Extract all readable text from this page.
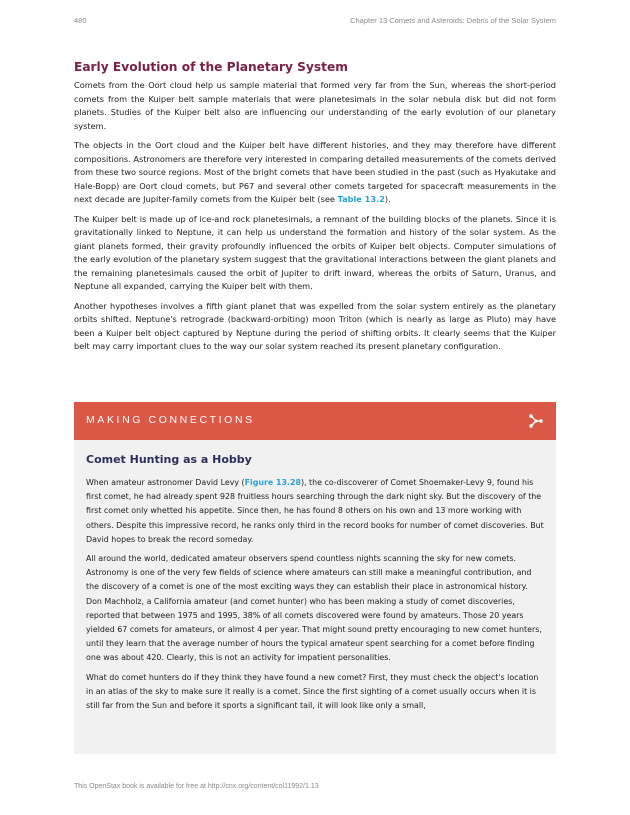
480	Chapter 13 Comets and Asteroids: Debris of the Solar System
Early Evolution of the Planetary System

Comets from the Oort cloud help us sample material that formed very far from the Sun, whereas the short-period comets from the Kuiper belt sample materials that were planetesimals in the solar nebula disk but did not form planets. Studies of the Kuiper belt also are influencing our understanding of the early evolution of our planetary system.

The objects in the Oort cloud and the Kuiper belt have different histories, and they may therefore have different compositions. Astronomers are therefore very interested in comparing detailed measurements of the comets derived from these two source regions. Most of the bright comets that have been studied in the past (such as Hyakutake and Hale-Bopp) are Oort cloud comets, but P67 and several other comets targeted for spacecraft measurements in the next decade are Jupiter-family comets from the Kuiper belt (see Table 13.2).

The Kuiper belt is made up of ice-and rock planetesimals, a remnant of the building blocks of the planets. Since it is gravitationally linked to Neptune, it can help us understand the formation and history of the solar system. As the giant planets formed, their gravity profoundly influenced the orbits of Kuiper belt objects. Computer simulations of the early evolution of the planetary system suggest that the gravitational interactions between the giant planets and the remaining planetesimals caused the orbit of Jupiter to drift inward, whereas the orbits of Saturn, Uranus, and Neptune all expanded, carrying the Kuiper belt with them.

Another hypotheses involves a fifth giant planet that was expelled from the solar system entirely as the planetary orbits shifted. Neptune's retrograde (backward-orbiting) moon Triton (which is nearly as large as Pluto) may have been a Kuiper belt object captured by Neptune during the period of shifting orbits. It clearly seems that the Kuiper belt may carry important clues to the way our solar system reached its present planetary configuration.

MAKING CONNECTIONS
Comet Hunting as a Hobby

When amateur astronomer David Levy (Figure 13.28), the co-discoverer of Comet Shoemaker-Levy 9, found his first comet, he had already spent 928 fruitless hours searching through the dark night sky. But the discovery of the first comet only whetted his appetite. Since then, he has found 8 others on his own and 13 more working with others. Despite this impressive record, he ranks only third in the record books for number of comet discoveries. But David hopes to break the record someday.

All around the world, dedicated amateur observers spend countless nights scanning the sky for new comets. Astronomy is one of the very few fields of science where amateurs can still make a meaningful contribution, and the discovery of a comet is one of the most exciting ways they can establish their place in astronomical history. Don Machholz, a California amateur (and comet hunter) who has been making a study of comet discoveries, reported that between 1975 and 1995, 38% of all comets discovered were found by amateurs. Those 20 years yielded 67 comets for amateurs, or almost 4 per year. That might sound pretty encouraging to new comet hunters, until they learn that the average number of hours the typical amateur spent searching for a comet before finding one was about 420. Clearly, this is not an activity for impatient personalities.

What do comet hunters do if they think they have found a new comet? First, they must check the object's location in an atlas of the sky to make sure it really is a comet. Since the first sighting of a comet usually occurs when it is still far from the Sun and before it sports a significant tail, it will look like only a small,

This OpenStax book is available for free at http://cnx.org/content/col11992/1.13
